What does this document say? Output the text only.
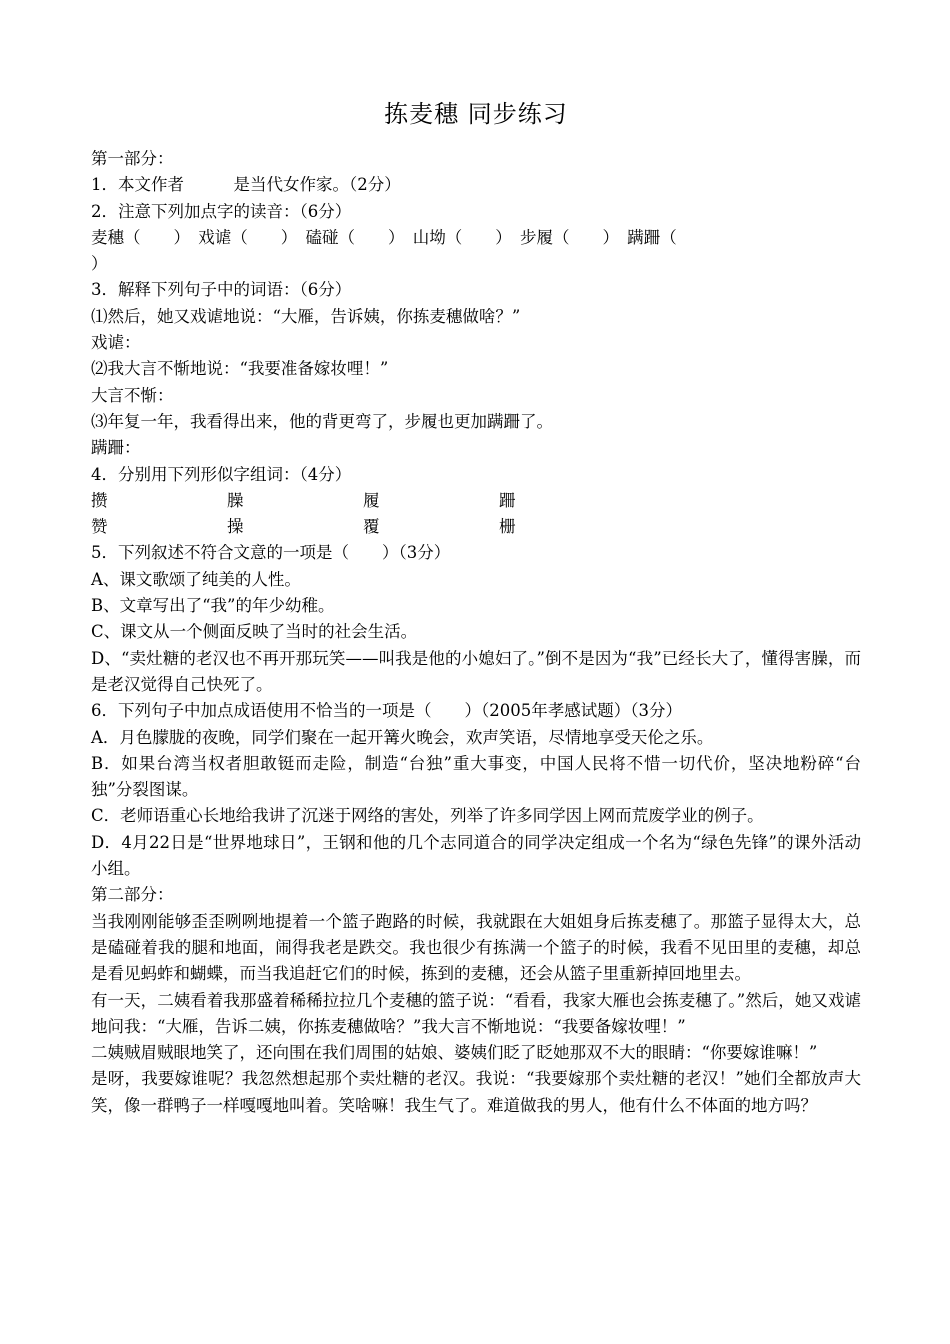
拣麦穗 同步练习
第一部分：
1．本文作者　　　是当代女作家。（2分）
2．注意下列加点字的读音：（6分）
麦穗（　　）　戏谑（　　）　磕碰（　　）　山坳（　　）　步履（　　）　蹒跚（
）
3．解释下列句子中的词语：（6分）
⑴然后，她又戏谑地说：“大雁，告诉姨，你拣麦穗做啥？”
戏谑：
⑵我大言不惭地说：“我要准备嫁妆哩！”
大言不惭：
⑶年复一年，我看得出来，他的背更弯了，步履也更加蹒跚了。
蹒跚：
4．分别用下列形似字组词：（4分）
攒	臊	履	跚
赞	操	覆	栅
5．下列叙述不符合文意的一项是（　　）（3分）
A、课文歌颂了纯美的人性。
B、文章写出了“我”的年少幼稚。
C、课文从一个侧面反映了当时的社会生活。
D、“卖灶糖的老汉也不再开那玩笑——叫我是他的小媳妇了。”倒不是因为“我”已经长大了，懂得害臊，而是老汉觉得自己快死了。
6．下列句子中加点成语使用不恰当的一项是（　　）（2005年孝感试题）（3分）
A．月色朦胧的夜晚，同学们聚在一起开篝火晚会，欢声笑语，尽情地享受天伦之乐。
B．如果台湾当权者胆敢铤而走险，制造“台独”重大事变，中国人民将不惜一切代价，坚决地粉碎“台独”分裂图谋。
C．老师语重心长地给我讲了沉迷于网络的害处，列举了许多同学因上网而荒废学业的例子。
D．4月22日是“世界地球日”，王钢和他的几个志同道合的同学决定组成一个名为“绿色先锋”的课外活动小组。
第二部分：
当我刚刚能够歪歪咧咧地提着一个篮子跑路的时候，我就跟在大姐姐身后拣麦穗了。那篮子显得太大，总是磕碰着我的腿和地面，闹得我老是跌交。我也很少有拣满一个篮子的时候，我看不见田里的麦穗，却总是看见蚂蚱和蝴蝶，而当我追赶它们的时候，拣到的麦穗，还会从篮子里重新掉回地里去。
有一天，二姨看着我那盛着稀稀拉拉几个麦穗的篮子说：“看看，我家大雁也会拣麦穗了。”然后，她又戏谑地问我：“大雁，告诉二姨，你拣麦穗做啥？”我大言不惭地说：“我要备嫁妆哩！”
二姨贼眉贼眼地笑了，还向围在我们周围的姑娘、婆姨们眨了眨她那双不大的眼睛：“你要嫁谁嘛！”
是呀，我要嫁谁呢？我忽然想起那个卖灶糖的老汉。我说：“我要嫁那个卖灶糖的老汉！”她们全都放声大笑，像一群鸭子一样嘎嘎地叫着。笑啥嘛！我生气了。难道做我的男人，他有什么不体面的地方吗？
